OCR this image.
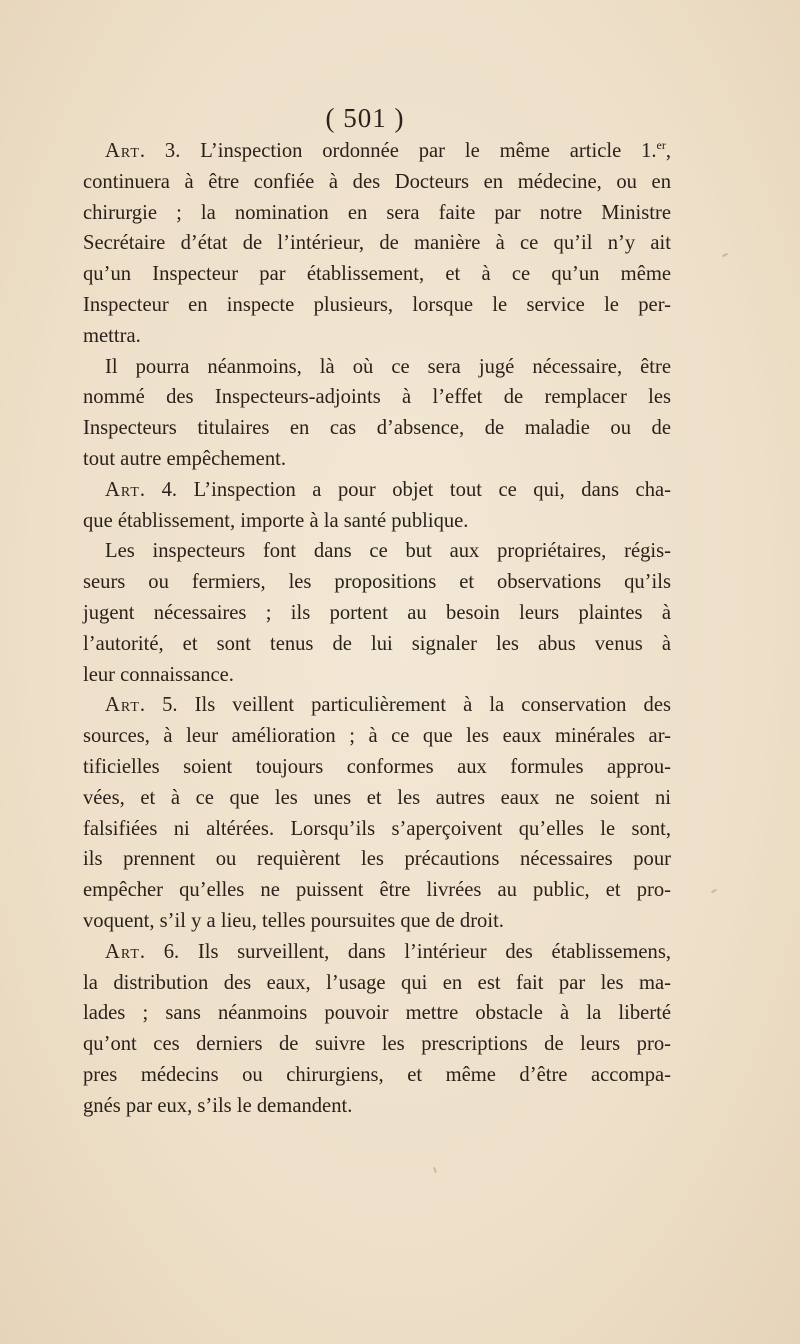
( 501 )
Art. 3. L’inspection ordonnée par le même article 1.$^{er}$,
continuera à être confiée à des Docteurs en médecine, ou en
chirurgie ; la nomination en sera faite par notre Ministre
Secrétaire d’état de l’intérieur, de manière à ce qu’il n’y ait
qu’un Inspecteur par établissement, et à ce qu’un même
Inspecteur en inspecte plusieurs, lorsque le service le per-
mettra.
Il pourra néanmoins, là où ce sera jugé nécessaire, être
nommé des Inspecteurs-adjoints à l’effet de remplacer les
Inspecteurs titulaires en cas d’absence, de maladie ou de
tout autre empêchement.
Art. 4. L’inspection a pour objet tout ce qui, dans cha-
que établissement, importe à la santé publique.
Les inspecteurs font dans ce but aux propriétaires, régis-
seurs ou fermiers, les propositions et observations qu’ils
jugent nécessaires ; ils portent au besoin leurs plaintes à
l’autorité, et sont tenus de lui signaler les abus venus à
leur connaissance.
Art. 5. Ils veillent particulièrement à la conservation des
sources, à leur amélioration ; à ce que les eaux minérales ar-
tificielles soient toujours conformes aux formules approu-
vées, et à ce que les unes et les autres eaux ne soient ni
falsifiées ni altérées. Lorsqu’ils s’aperçoivent qu’elles le sont,
ils prennent ou requièrent les précautions nécessaires pour
empêcher qu’elles ne puissent être livrées au public, et pro-
voquent, s’il y a lieu, telles poursuites que de droit.
Art. 6. Ils surveillent, dans l’intérieur des établissemens,
la distribution des eaux, l’usage qui en est fait par les ma-
lades ; sans néanmoins pouvoir mettre obstacle à la liberté
qu’ont ces derniers de suivre les prescriptions de leurs pro-
pres médecins ou chirurgiens, et même d’être accompa-
gnés par eux, s’ils le demandent.
